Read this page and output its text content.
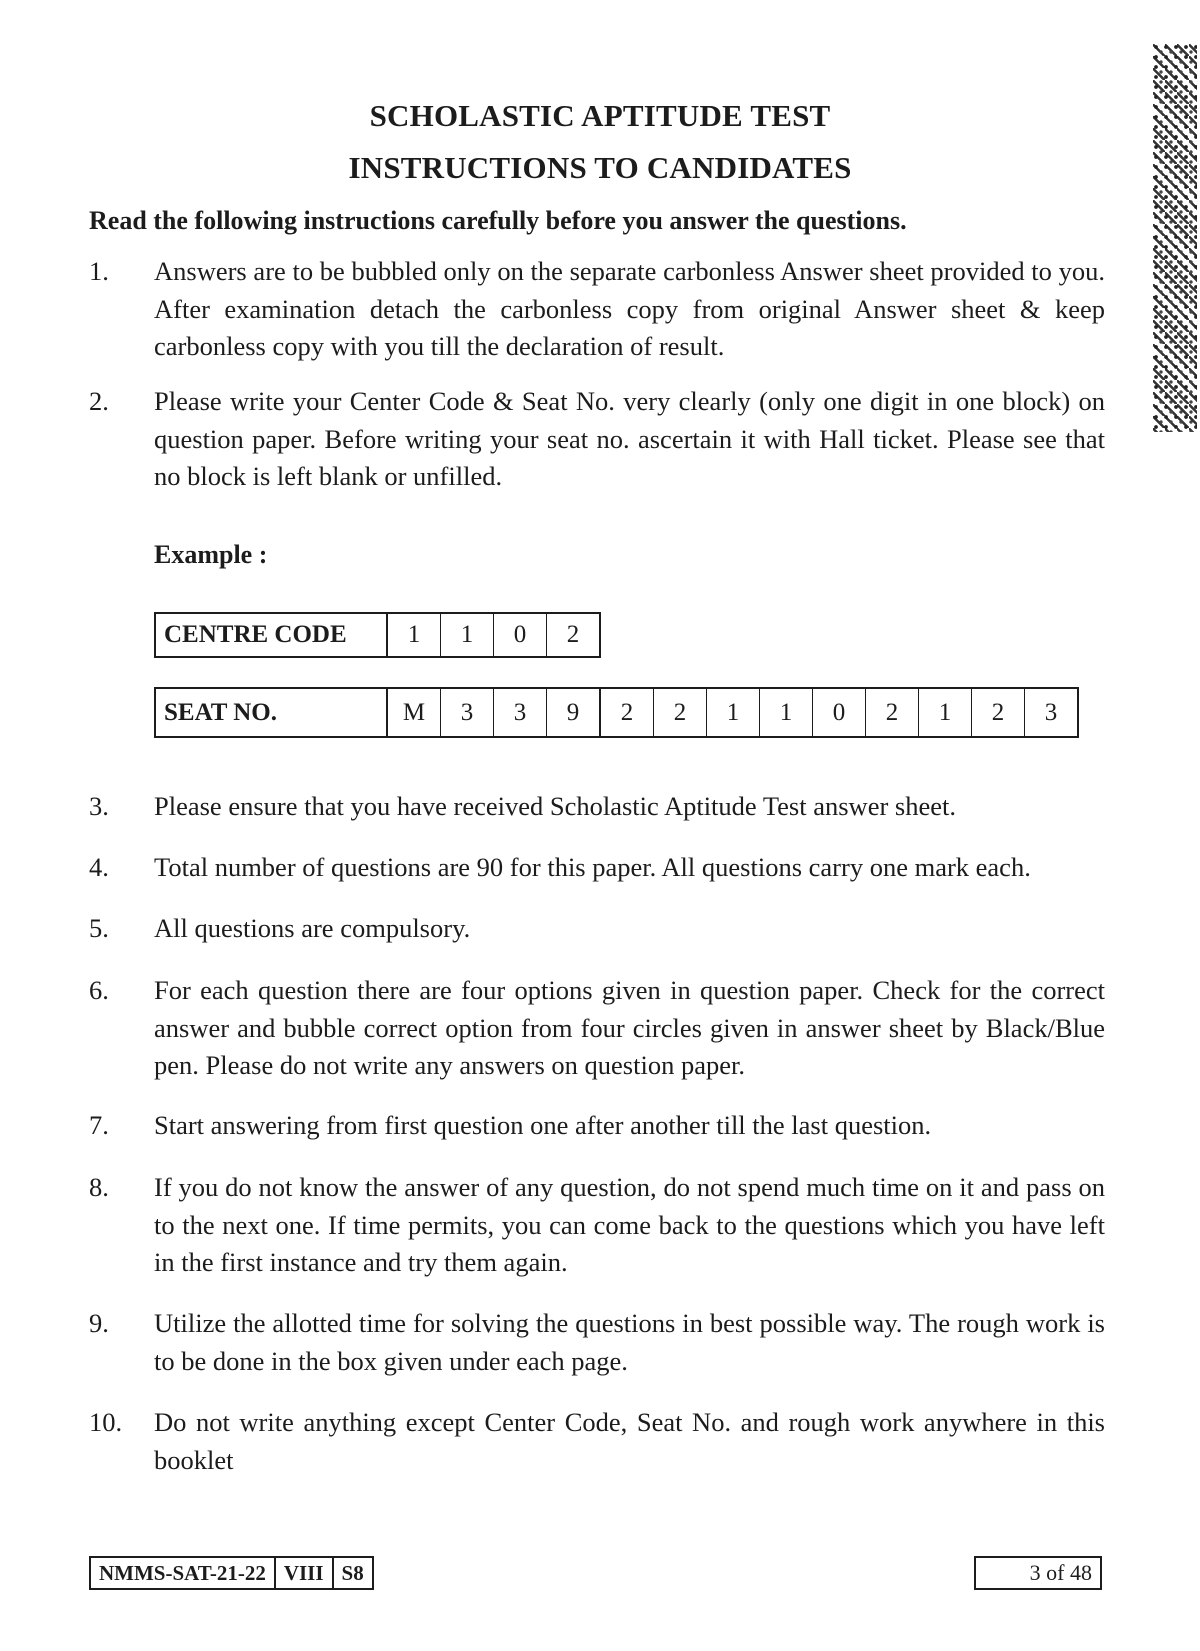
SCHOLASTIC APTITUDE TEST
INSTRUCTIONS TO CANDIDATES
Read the following instructions carefully before you answer the questions.
1. Answers are to be bubbled only on the separate carbonless Answer sheet provided to you. After examination detach the carbonless copy from original Answer sheet & keep carbonless copy with you till the declaration of result.
2. Please write your Center Code & Seat No. very clearly (only one digit in one block) on question paper. Before writing your seat no. ascertain it with Hall ticket. Please see that no block is left blank or unfilled.
Example :
CENTRE CODE	1	1	0	2
SEAT NO.	M	3	3	9	2	2	1	1	0	2	1	2	3
3. Please ensure that you have received Scholastic Aptitude Test answer sheet.
4. Total number of questions are 90 for this paper. All questions carry one mark each.
5. All questions are compulsory.
6. For each question there are four options given in question paper. Check for the correct answer and bubble correct option from four circles given in answer sheet by Black/Blue pen. Please do not write any answers on question paper.
7. Start answering from first question one after another till the last question.
8. If you do not know the answer of any question, do not spend much time on it and pass on to the next one. If time permits, you can come back to the questions which you have left in the first instance and try them again.
9. Utilize the allotted time for solving the questions in best possible way. The rough work is to be done in the box given under each page.
10. Do not write anything except Center Code, Seat No. and rough work anywhere in this booklet
NMMS-SAT-21-22 VIII S8	3 of 48
